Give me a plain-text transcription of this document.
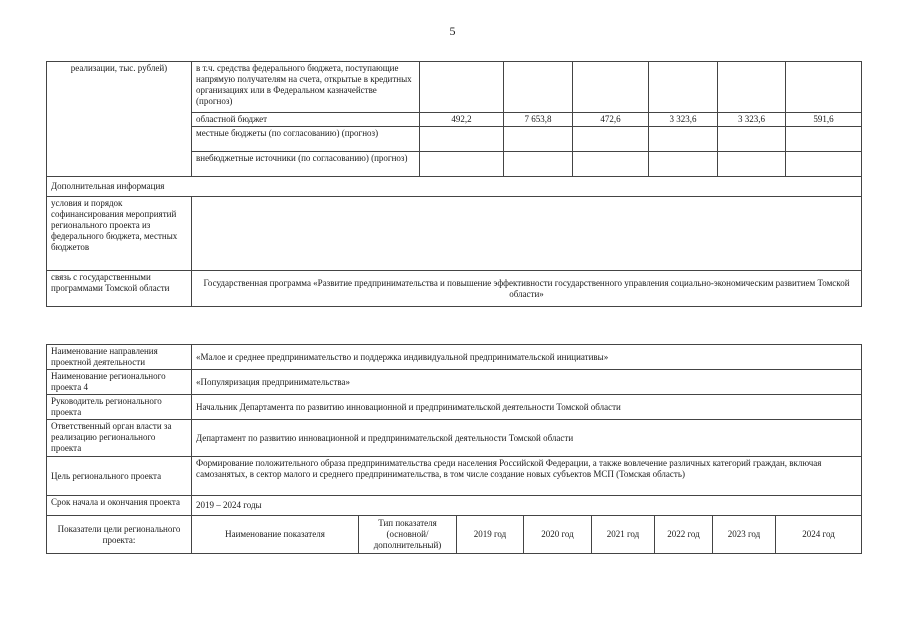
5
реализации, тыс. рублей)	в т.ч. средства федерального бюджета, поступающие напрямую получателям на счета, открытые в кредитных организациях или в Федеральном казначействе (прогноз)						
	областной бюджет	492,2	7 653,8	472,6	3 323,6	3 323,6	591,6
	местные бюджеты (по согласованию) (прогноз)						
	внебюджетные источники (по согласованию) (прогноз)						
Дополнительная информация							
условия и порядок софинансирования мероприятий регионального проекта из федерального бюджета, местных бюджетов							
связь с государственными программами Томской области	Государственная программа «Развитие предпринимательства и повышение эффективности государственного управления социально-экономическим развитием Томской области»						
Наименование направления проектной деятельности	«Малое и среднее предпринимательство и поддержка индивидуальной предпринимательской инициативы»							
Наименование регионального проекта 4	«Популяризация предпринимательства»							
Руководитель регионального проекта	Начальник Департамента по развитию инновационной и предпринимательской деятельности Томской области							
Ответственный орган власти за реализацию регионального проекта	Департамент по развитию инновационной и предпринимательской деятельности Томской области							
Цель регионального проекта	Формирование положительного образа предпринимательства среди населения Российской Федерации, а также вовлечение различных категорий граждан, включая самозанятых, в сектор малого и среднего предпринимательства, в том числе создание новых субъектов МСП (Томская область)							
Срок начала и окончания проекта	2019 – 2024 годы							
Показатели цели регионального проекта:	Наименование показателя	Тип показателя (основной/ дополнительный)	2019 год	2020 год	2021 год	2022 год	2023 год	2024 год
